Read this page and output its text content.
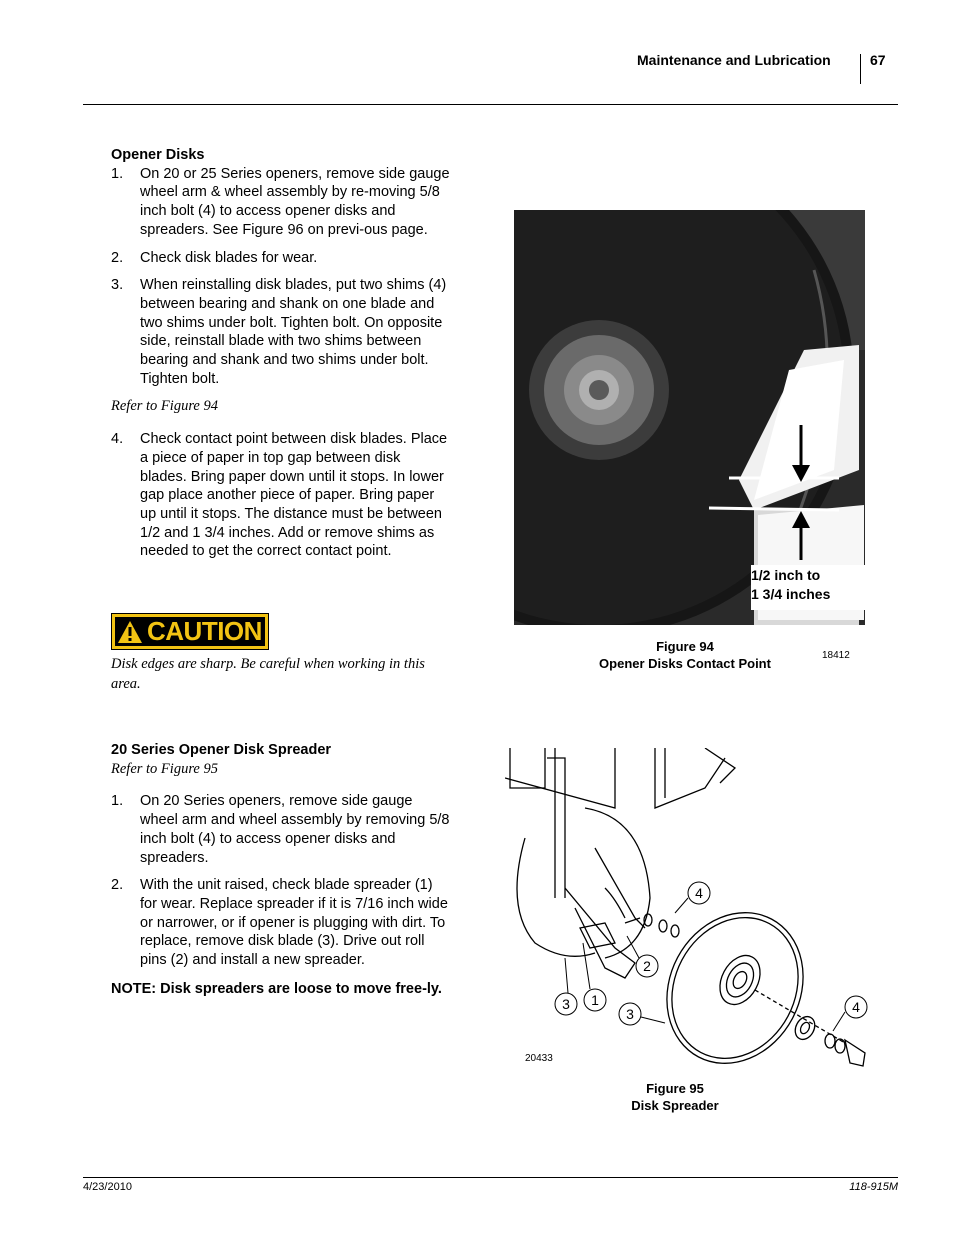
Maintenance and Lubrication	67
Opener Disks
1. On 20 or 25 Series openers, remove side gauge wheel arm & wheel assembly by re-moving 5/8 inch bolt (4) to access opener disks and spreaders. See Figure 96 on previ-ous page.
2. Check disk blades for wear.
3. When reinstalling disk blades, put two shims (4) between bearing and shank on one blade and two shims under bolt. Tighten bolt. On opposite side, reinstall blade with two shims between bearing and shank and two shims under bolt. Tighten bolt.
Refer to Figure 94
4. Check contact point between disk blades. Place a piece of paper in top gap between disk blades. Bring paper down until it stops. In lower gap place another piece of paper. Bring paper up until it stops. The distance must be between 1/2 and 1 3/4 inches. Add or remove shims as needed to get the correct contact point.
CAUTION
Disk edges are sharp. Be careful when working in this area.
1/2 inch to
1 3/4 inches
Figure 94
Opener Disks Contact Point
18412
20 Series Opener Disk Spreader
Refer to Figure 95
1. On 20 Series openers, remove side gauge wheel arm and wheel assembly by removing 5/8 inch bolt (4) to access opener disks and spreaders.
2. With the unit raised, check blade spreader (1) for wear. Replace spreader if it is 7/16 inch wide or narrower, or if opener is plugging with dirt. To replace, remove disk blade (3). Drive out roll pins (2) and install a new spreader.
NOTE: Disk spreaders are loose to move free-ly.
4
2
1
3
3	4
20433
Figure 95
Disk Spreader
4/23/2010	118-915M
